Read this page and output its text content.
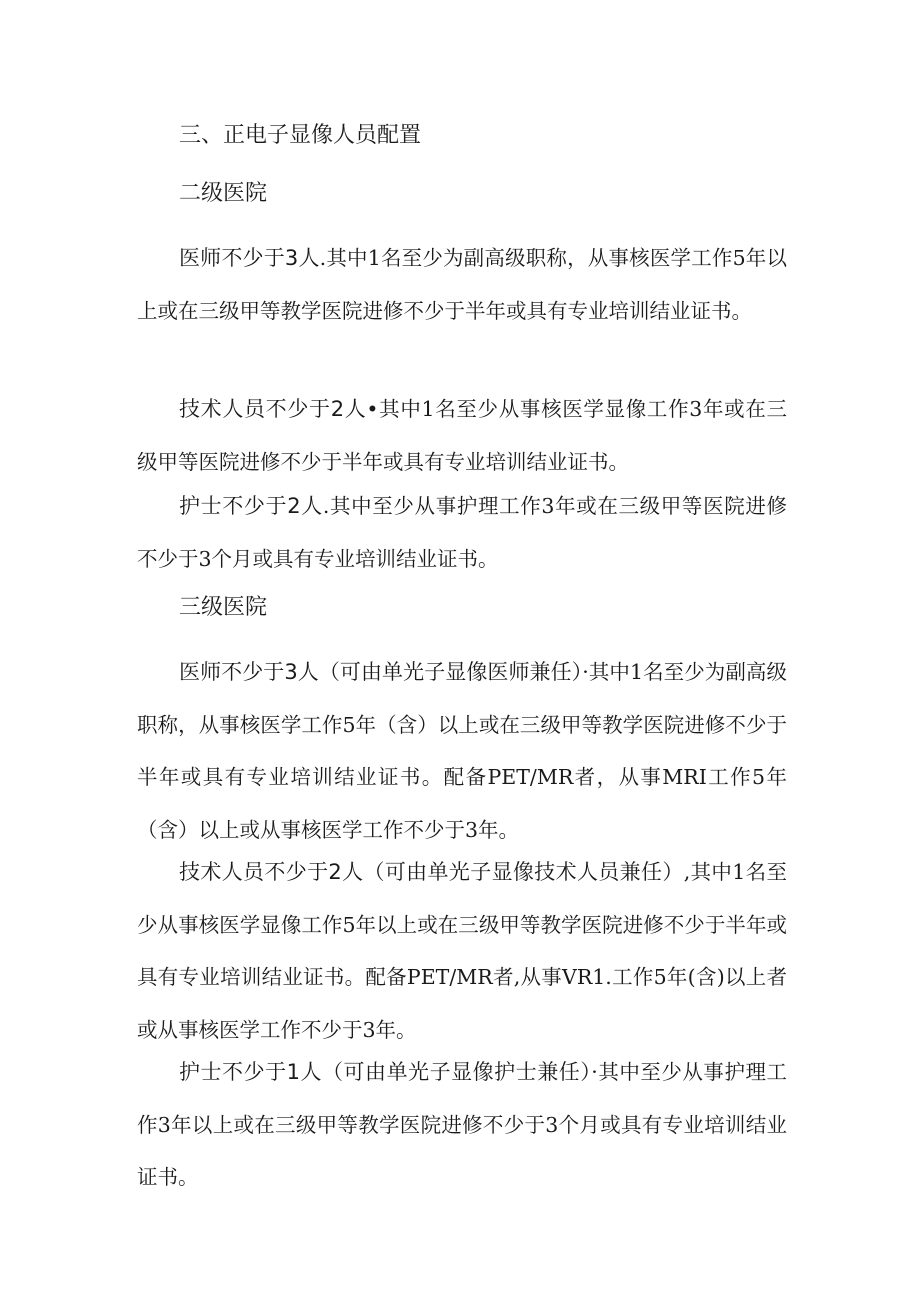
三、正电子显像人员配置
二级医院

医师不少于3人.其中1名至少为副高级职称，从事核医学工作5年以上或在三级甲等教学医院进修不少于半年或具有专业培训结业证书。

技术人员不少于2人•其中1名至少从事核医学显像工作3年或在三级甲等医院进修不少于半年或具有专业培训结业证书。

护士不少于2人.其中至少从事护理工作3年或在三级甲等医院进修不少于3个月或具有专业培训结业证书。

三级医院

医师不少于3人（可由单光子显像医师兼任）·其中1名至少为副高级职称，从事核医学工作5年（含）以上或在三级甲等教学医院进修不少于半年或具有专业培训结业证书。配备PET/MR者，从事MRI工作5年（含）以上或从事核医学工作不少于3年。

技术人员不少于2人（可由单光子显像技术人员兼任）,其中1名至少从事核医学显像工作5年以上或在三级甲等教学医院进修不少于半年或具有专业培训结业证书。配备PET/MR者,从事VR1.工作5年(含)以上者或从事核医学工作不少于3年。

护士不少于1人（可由单光子显像护士兼任）·其中至少从事护理工作3年以上或在三级甲等教学医院进修不少于3个月或具有专业培训结业证书。
